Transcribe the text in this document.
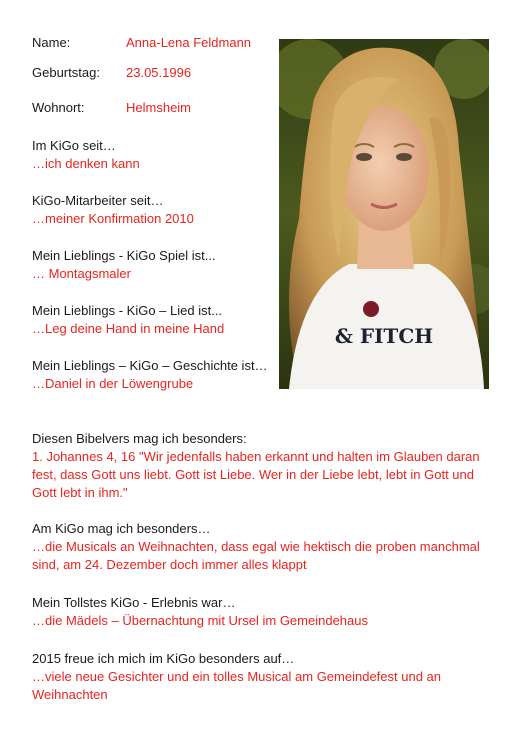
Name:	Anna-Lena Feldmann
Geburtstag: 23.05.1996
Wohnort:	Helmsheim
Im KiGo seit…
…ich denken kann
KiGo-Mitarbeiter seit…
…meiner Konfirmation 2010
Mein Lieblings - KiGo Spiel ist...
… Montagsmaler
Mein Lieblings - KiGo – Lied ist...
…Leg deine Hand in meine Hand
Mein Lieblings – KiGo – Geschichte ist…
…Daniel in der Löwengrube
& FITCH
Diesen Bibelvers mag ich besonders:
1. Johannes 4, 16 "Wir jedenfalls haben erkannt und halten im Glauben daran fest, dass Gott uns liebt. Gott ist Liebe. Wer in der Liebe lebt, lebt in Gott und Gott lebt in ihm."
Am KiGo mag ich besonders…
…die Musicals an Weihnachten, dass egal wie hektisch die proben manchmal sind, am 24. Dezember doch immer alles klappt
Mein Tollstes KiGo - Erlebnis war…
…die Mädels – Übernachtung mit Ursel im Gemeindehaus
2015 freue ich mich im KiGo besonders auf…
…viele neue Gesichter und ein tolles Musical am Gemeindefest und an Weihnachten
